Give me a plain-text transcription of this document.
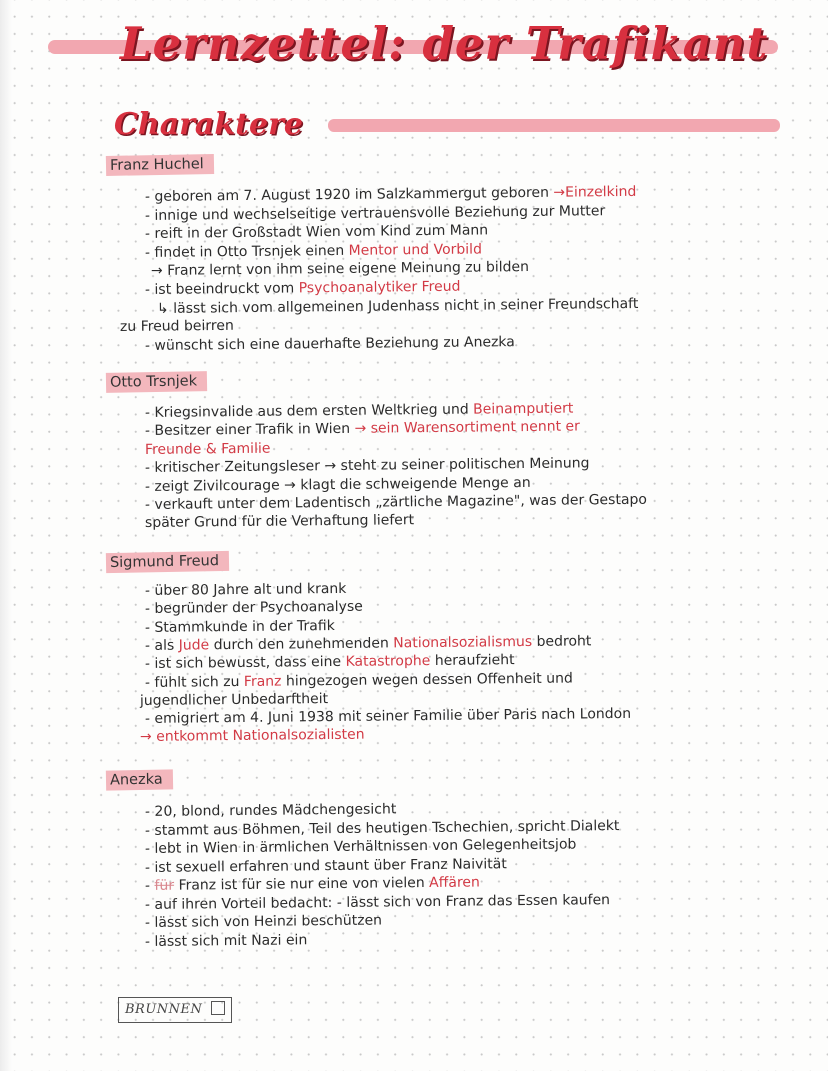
Lernzettel: der Trafikant
Charaktere
Franz Huchel
- geboren am 7. August 1920 im Salzkammergut geboren →Einzelkind
- innige und wechselseitige vertrauensvolle Beziehung zur Mutter
- reift in der Großstadt Wien vom Kind zum Mann
- findet in Otto Trsnjek einen Mentor und Vorbild
→ Franz lernt von ihm seine eigene Meinung zu bilden
- ist beeindruckt vom Psychoanalytiker Freud
↳ lässt sich vom allgemeinen Judenhass nicht in seiner Freundschaft
zu Freud beirren
- wünscht sich eine dauerhafte Beziehung zu Anezka
Otto Trsnjek
- Kriegsinvalide aus dem ersten Weltkrieg und Beinamputiert
- Besitzer einer Trafik in Wien → sein Warensortiment nennt er
Freunde & Familie
- kritischer Zeitungsleser → steht zu seiner politischen Meinung
- zeigt Zivilcourage → klagt die schweigende Menge an
- verkauft unter dem Ladentisch „zärtliche Magazine", was der Gestapo
später Grund für die Verhaftung liefert
Sigmund Freud
- über 80 Jahre alt und krank
- begründer der Psychoanalyse
- Stammkunde in der Trafik
- als Jude durch den zunehmenden Nationalsozialismus bedroht
- ist sich bewusst, dass eine Katastrophe heraufzieht
- fühlt sich zu Franz hingezogen wegen dessen Offenheit und
jugendlicher Unbedarftheit
- emigriert am 4. Juni 1938 mit seiner Familie über Paris nach London
→ entkommt Nationalsozialisten
Anezka
- 20, blond, rundes Mädchengesicht
- stammt aus Böhmen, Teil des heutigen Tschechien, spricht Dialekt
- lebt in Wien in ärmlichen Verhältnissen von Gelegenheitsjob
- ist sexuell erfahren und staunt über Franz Naivität
- für Franz ist für sie nur eine von vielen Affären
- auf ihren Vorteil bedacht: - lässt sich von Franz das Essen kaufen
- lässt sich von Heinzi beschützen
- lässt sich mit Nazi ein
BRUNNEN
